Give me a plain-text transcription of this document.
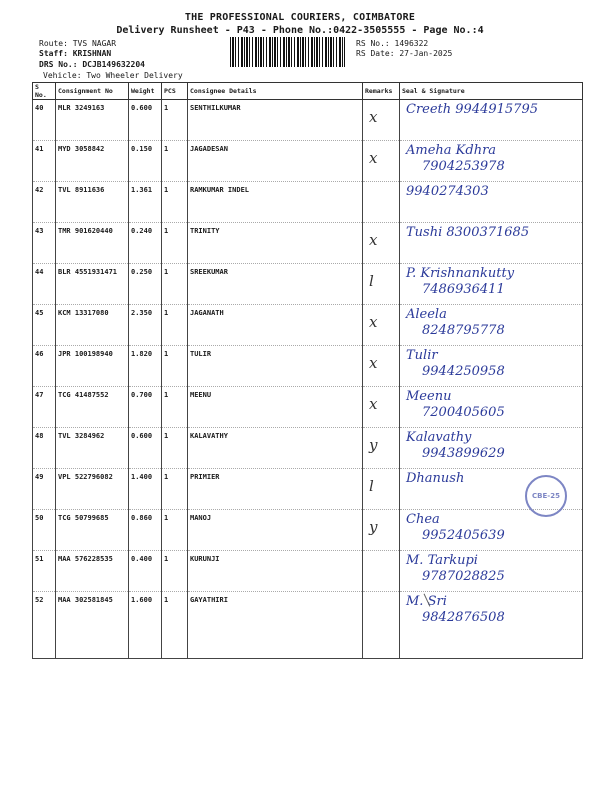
THE PROFESSIONAL COURIERS, COIMBATORE
Delivery Runsheet - P43 - Phone No.:0422-3505555 - Page No.:4
Route: TVS NAGAR
Staff: KRISHNAN
DRS No.: DCJB149632204
Vehicle: Two Wheeler Delivery
RS No.: 1496322
RS Date: 27-Jan-2025
S No.	Consignment No	Weight	PCS	Consignee Details	Remarks	Seal & Signature
40	MLR 3249163	0.600	1	SENTHILKUMAR	x	Creeth 9944915795

41	MYD 3058842	0.150	1	JAGADESAN	x	Ameha Kdhra
7904253978

42	TVL 8911636	1.361	1	RAMKUMAR INDEL		9940274303

43	TMR 901620440	0.240	1	TRINITY	x	Tushi 8300371685

44	BLR 4551931471	0.250	1	SREEKUMAR	l	P. Krishnankutty
7486936411

45	KCM 13317080	2.350	1	JAGANATH	x	Aleela
8248795778

46	JPR 100198940	1.820	1	TULIR	x	Tulir
9944250958

47	TCG 41487552	0.700	1	MEENU	x	Meenu
7200405605

48	TVL 3284962	0.600	1	KALAVATHY	y	Kalavathy
9943899629

49	VPL 522796082	1.400	1	PRIMIER	l	Dhanush
CBE-25

50	TCG 50799685	0.860	1	MANOJ	y	Chea
9952405639

51	MAA 576228535	0.400	1	KURUNJI		M. Tarkupi
9787028825

52	MAA 302581845	1.600	1	GAYATHIRI		M. Sri
9842876508
